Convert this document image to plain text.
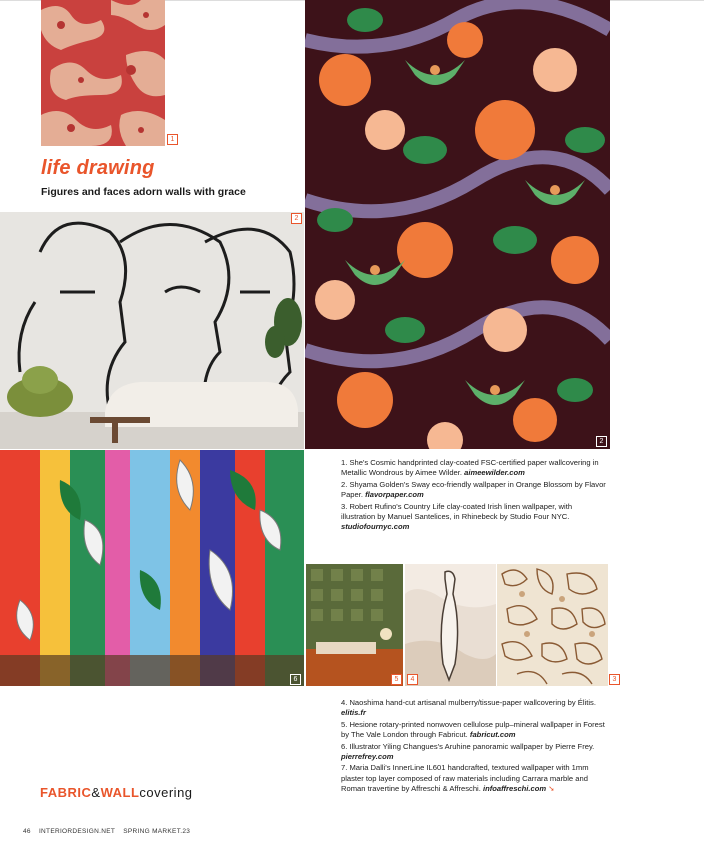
1
life drawing
Figures and faces adorn walls with grace
2
2
6

1. She's Cosmic handprinted clay-coated FSC-certified paper wallcovering in Metallic Wondrous by Aimee Wilder. aimeewilder.com

2. Shyama Golden's Sway eco-friendly wallpaper in Orange Blossom by Flavor Paper. flavorpaper.com

3. Robert Rufino's Country Life clay-coated Irish linen wallpaper, with illustration by Manuel Santelices, in Rhinebeck by Studio Four NYC. studiofournyc.com

5	4	3

4. Naoshima hand-cut artisanal mulberry/tissue-paper wallcovering by Élitis. elitis.fr

5. Hesione rotary-printed nonwoven cellulose pulp–mineral wallpaper in Forest by The Vale London through Fabricut. fabricut.com

6. Illustrator Yiling Changues's Aruhine panoramic wallpaper by Pierre Frey. pierrefrey.com

7. Maria Dalli's InnerLine IL601 handcrafted, textured wallpaper with 1mm plaster top layer composed of raw materials including Carrara marble and Roman travertine by Affreschi & Affreschi. infoaffreschi.com ➘

FABRIC&WALLcovering
46 INTERIORDESIGN.NET SPRING MARKET.23
